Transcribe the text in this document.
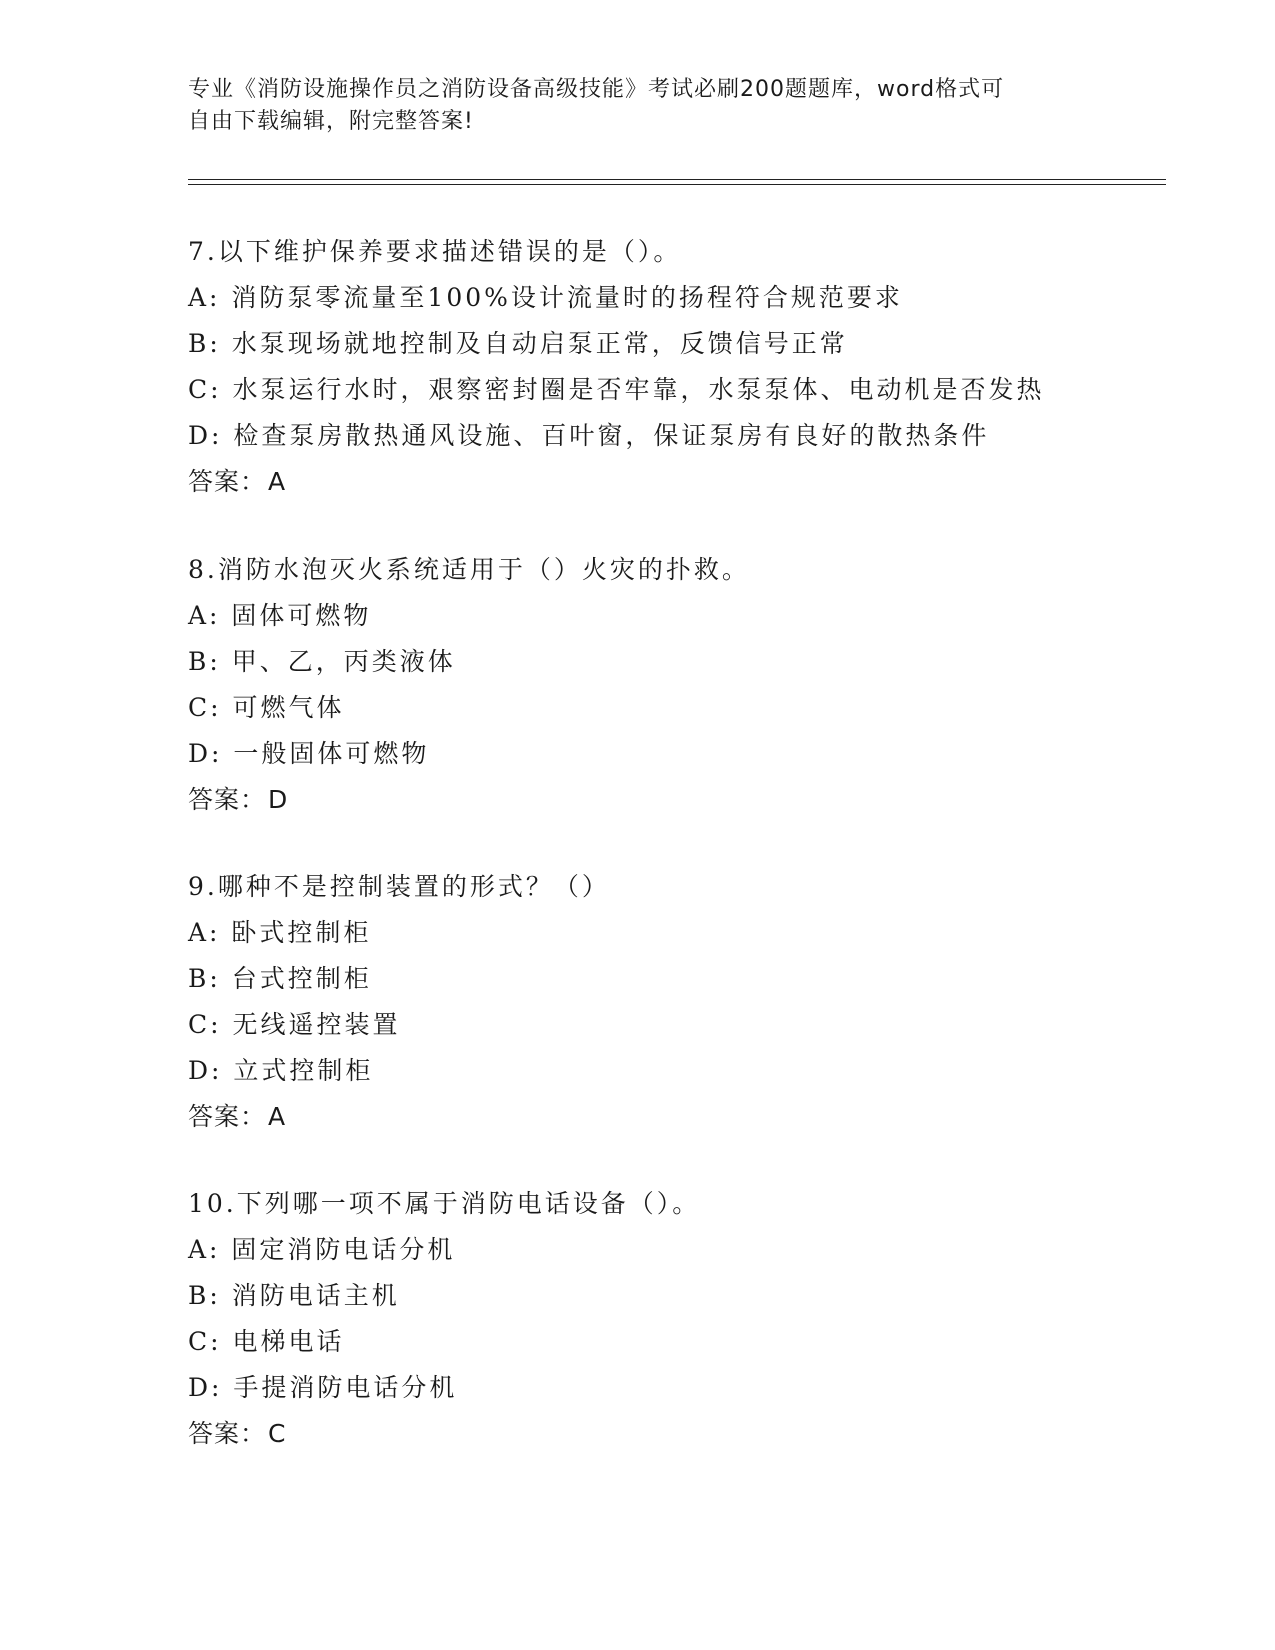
专业《消防设施操作员之消防设备高级技能》考试必刷200题题库，word格式可
自由下载编辑，附完整答案!
7.以下维护保养要求描述错误的是（）。
A: 消防泵零流量至100%设计流量时的扬程符合规范要求
B: 水泵现场就地控制及自动启泵正常，反馈信号正常
C: 水泵运行水时，艰察密封圈是否牢靠，水泵泵体、电动机是否发热
D: 检查泵房散热通风设施、百叶窗，保证泵房有良好的散热条件
答案：A
8.消防水泡灭火系统适用于（）火灾的扑救。
A: 固体可燃物
B: 甲、乙，丙类液体
C: 可燃气体
D: 一般固体可燃物
答案：D
9.哪种不是控制装置的形式？（）
A: 卧式控制柜
B: 台式控制柜
C: 无线遥控装置
D: 立式控制柜
答案：A
10.下列哪一项不属于消防电话设备（）。
A: 固定消防电话分机
B: 消防电话主机
C: 电梯电话
D: 手提消防电话分机
答案：C
